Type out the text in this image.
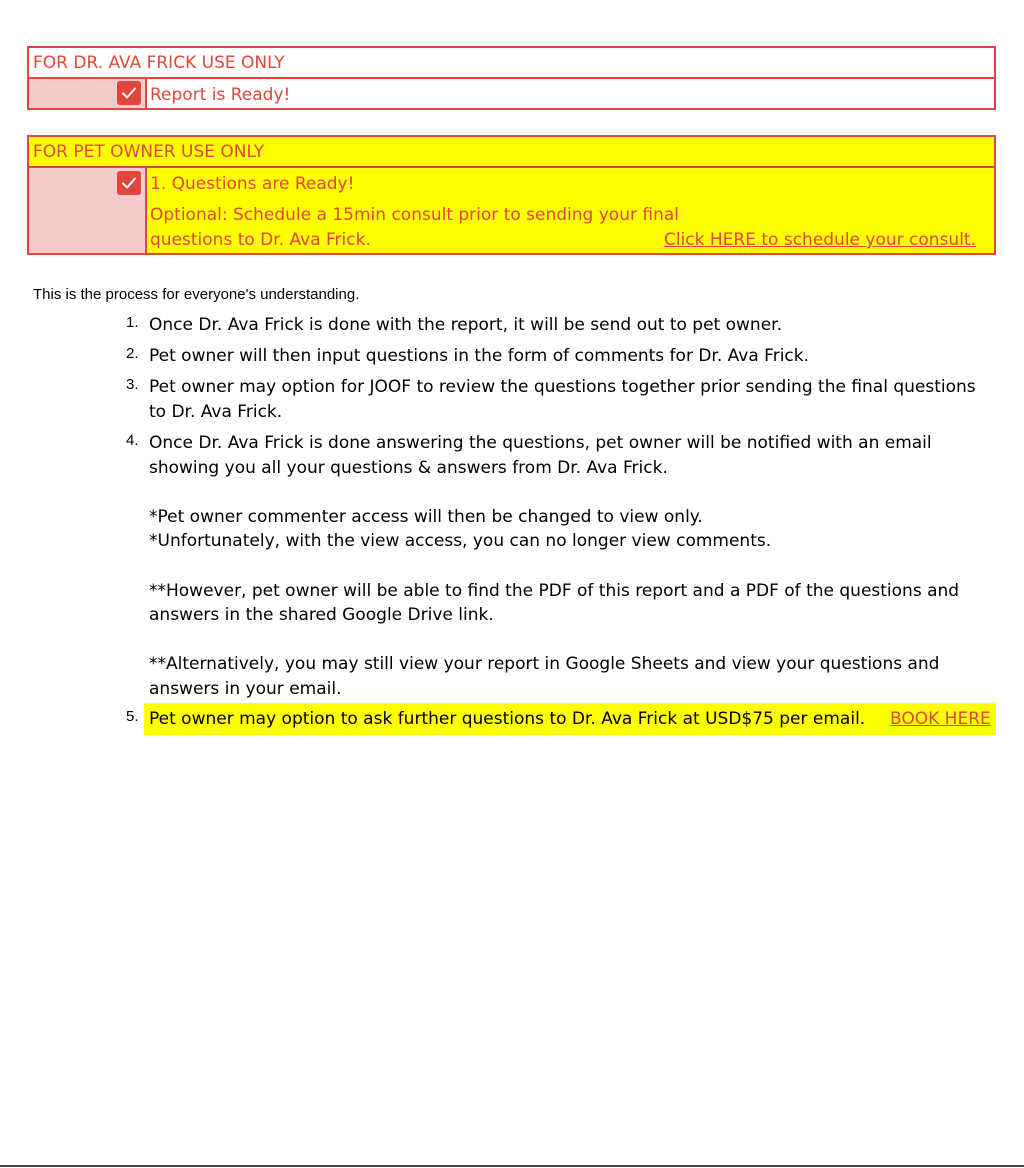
FOR DR. AVA FRICK USE ONLY
Report is Ready!
FOR PET OWNER USE ONLY
1. Questions are Ready!
Optional: Schedule a 15min consult prior to sending your final
questions to Dr. Ava Frick.	Click HERE to schedule your consult.
This is the process for everyone's understanding.
1. Once Dr. Ava Frick is done with the report, it will be send out to pet owner.
2. Pet owner will then input questions in the form of comments for Dr. Ava Frick.
3. Pet owner may option for JOOF to review the questions together prior sending the final questions to Dr. Ava Frick.
4. Once Dr. Ava Frick is done answering the questions, pet owner will be notified with an email showing you all your questions & answers from Dr. Ava Frick.

*Pet owner commenter access will then be changed to view only.
*Unfortunately, with the view access, you can no longer view comments.

**However, pet owner will be able to find the PDF of this report and a PDF of the questions and answers in the shared Google Drive link.

**Alternatively, you may still view your report in Google Sheets and view your questions and answers in your email.
5. Pet owner may option to ask further questions to Dr. Ava Frick at USD$75 per email. BOOK HERE
